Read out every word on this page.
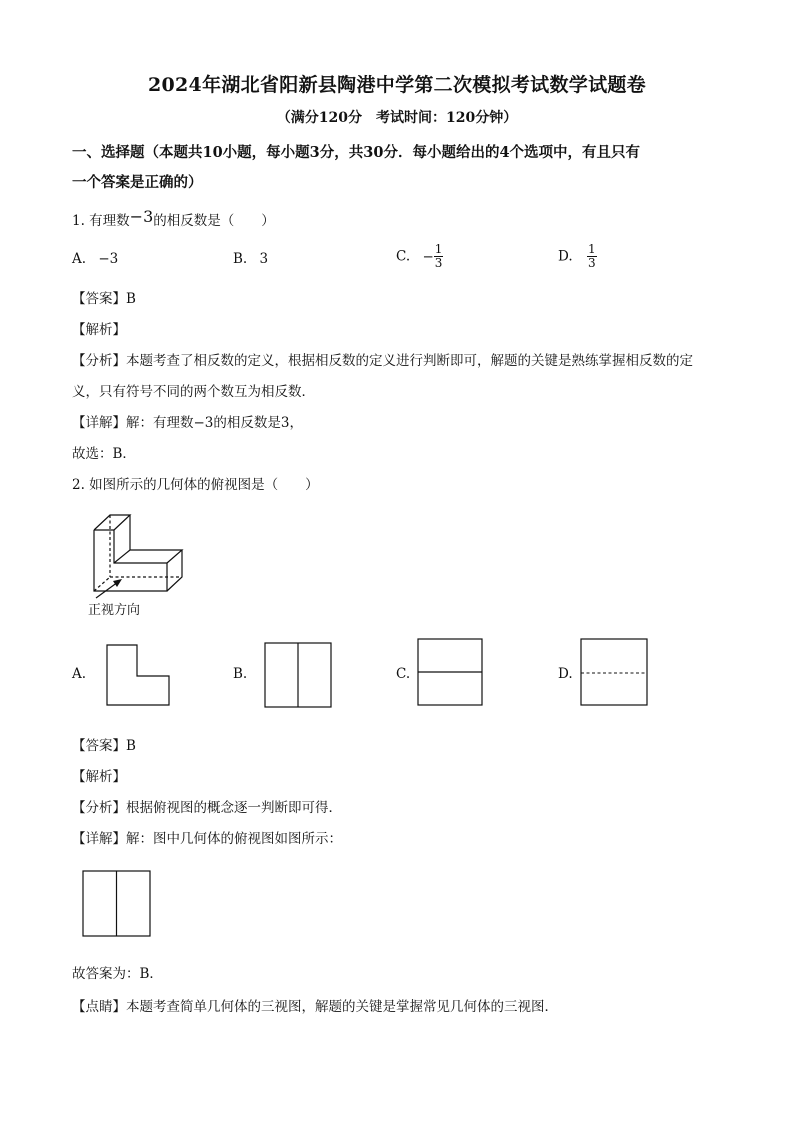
2024年湖北省阳新县陶港中学第二次模拟考试数学试题卷
（满分120分　考试时间：120分钟）
一、选择题（本题共10小题，每小题3分，共30分．每小题给出的4个选项中，有且只有
一个答案是正确的）
1. 有理数−3的相反数是（　　）
A. −3	B. 3	C. − $\frac{1}{3}$	D. $\frac{1}{3}$
【答案】B
【解析】
【分析】本题考查了相反数的定义，根据相反数的定义进行判断即可，解题的关键是熟练掌握相反数的定
义，只有符号不同的两个数互为相反数．
【详解】解：有理数−3的相反数是3，
故选：B．
2. 如图所示的几何体的俯视图是（　　）
正视方向
A.	B.	C.	D.
【答案】B
【解析】
【分析】根据俯视图的概念逐一判断即可得．
【详解】解：图中几何体的俯视图如图所示：
故答案为：B．
【点睛】本题考查简单几何体的三视图，解题的关键是掌握常见几何体的三视图．
